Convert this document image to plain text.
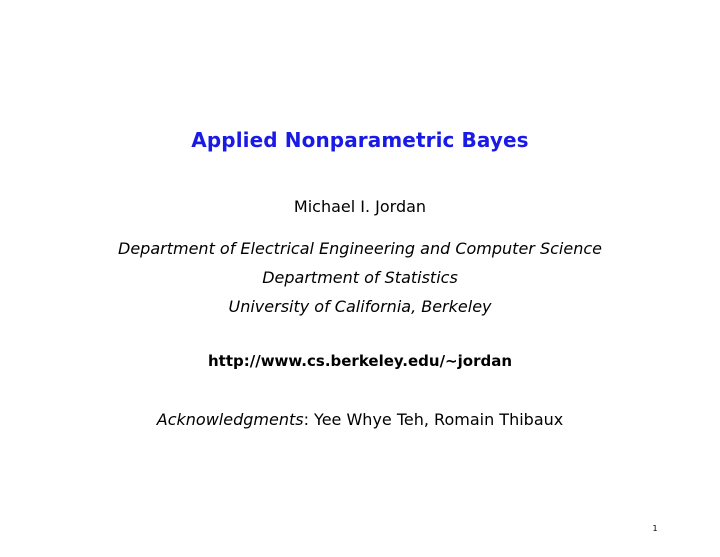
Applied Nonparametric Bayes
Michael I. Jordan
Department of Electrical Engineering and Computer Science
Department of Statistics
University of California, Berkeley
http://www.cs.berkeley.edu/∼jordan
Acknowledgments: Yee Whye Teh, Romain Thibaux
1
